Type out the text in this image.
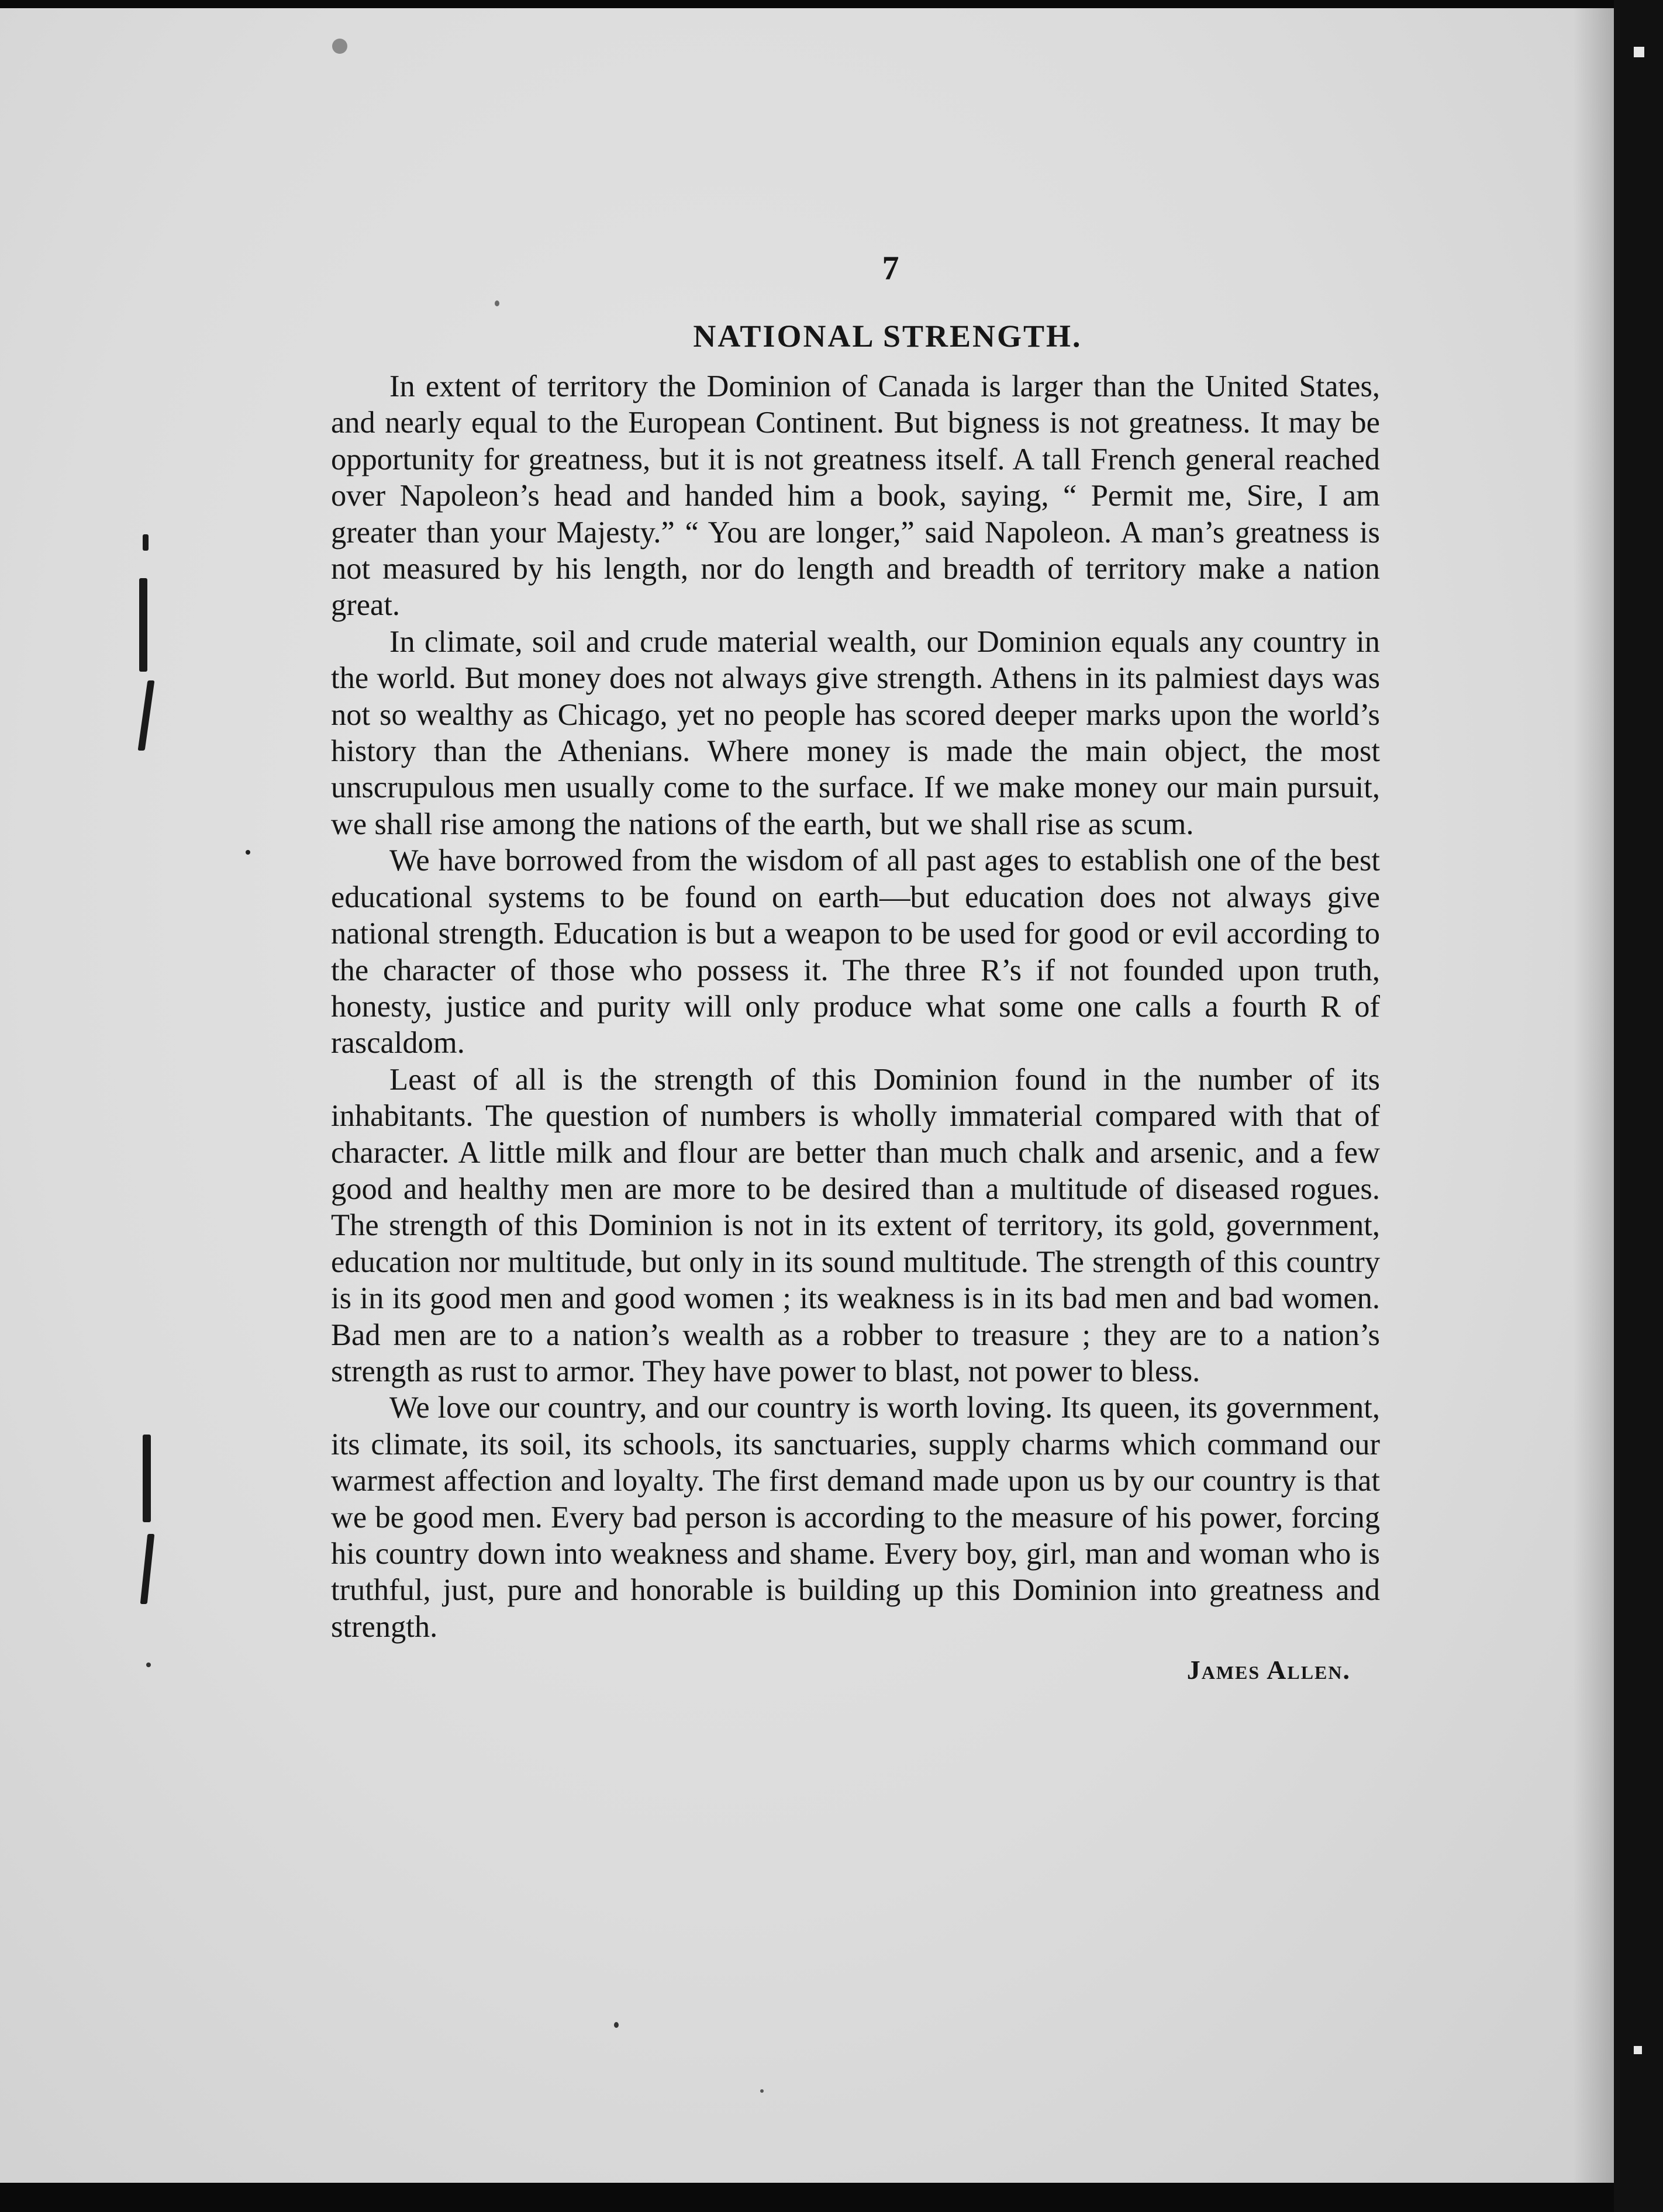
7
NATIONAL STRENGTH.

In extent of territory the Dominion of Canada is larger than the United States, and nearly equal to the European Continent. But bigness is not greatness. It may be opportunity for greatness, but it is not greatness itself. A tall French general reached over Napoleon’s head and handed him a book, saying, “ Permit me, Sire, I am greater than your Majesty.” “ You are longer,” said Napoleon. A man’s greatness is not measured by his length, nor do length and breadth of territory make a nation great.

In climate, soil and crude material wealth, our Dominion equals any country in the world. But money does not always give strength. Athens in its palmiest days was not so wealthy as Chicago, yet no people has scored deeper marks upon the world’s history than the Athenians. Where money is made the main object, the most unscrupulous men usually come to the surface. If we make money our main pursuit, we shall rise among the nations of the earth, but we shall rise as scum.

We have borrowed from the wisdom of all past ages to establish one of the best educational systems to be found on earth—but education does not always give national strength. Education is but a weapon to be used for good or evil according to the character of those who possess it. The three R’s if not founded upon truth, honesty, justice and purity will only produce what some one calls a fourth R of rascaldom.

Least of all is the strength of this Dominion found in the number of its inhabitants. The question of numbers is wholly immaterial compared with that of character. A little milk and flour are better than much chalk and arsenic, and a few good and healthy men are more to be desired than a multitude of diseased rogues. The strength of this Dominion is not in its extent of territory, its gold, government, education nor multitude, but only in its sound multitude. The strength of this country is in its good men and good women ; its weakness is in its bad men and bad women. Bad men are to a nation’s wealth as a robber to treasure ; they are to a nation’s strength as rust to armor. They have power to blast, not power to bless.

We love our country, and our country is worth loving. Its queen, its government, its climate, its soil, its schools, its sanctuaries, supply charms which command our warmest affection and loyalty. The first demand made upon us by our country is that we be good men. Every bad person is according to the measure of his power, forcing his country down into weakness and shame. Every boy, girl, man and woman who is truthful, just, pure and honorable is building up this Dominion into greatness and strength.

James Allen.
